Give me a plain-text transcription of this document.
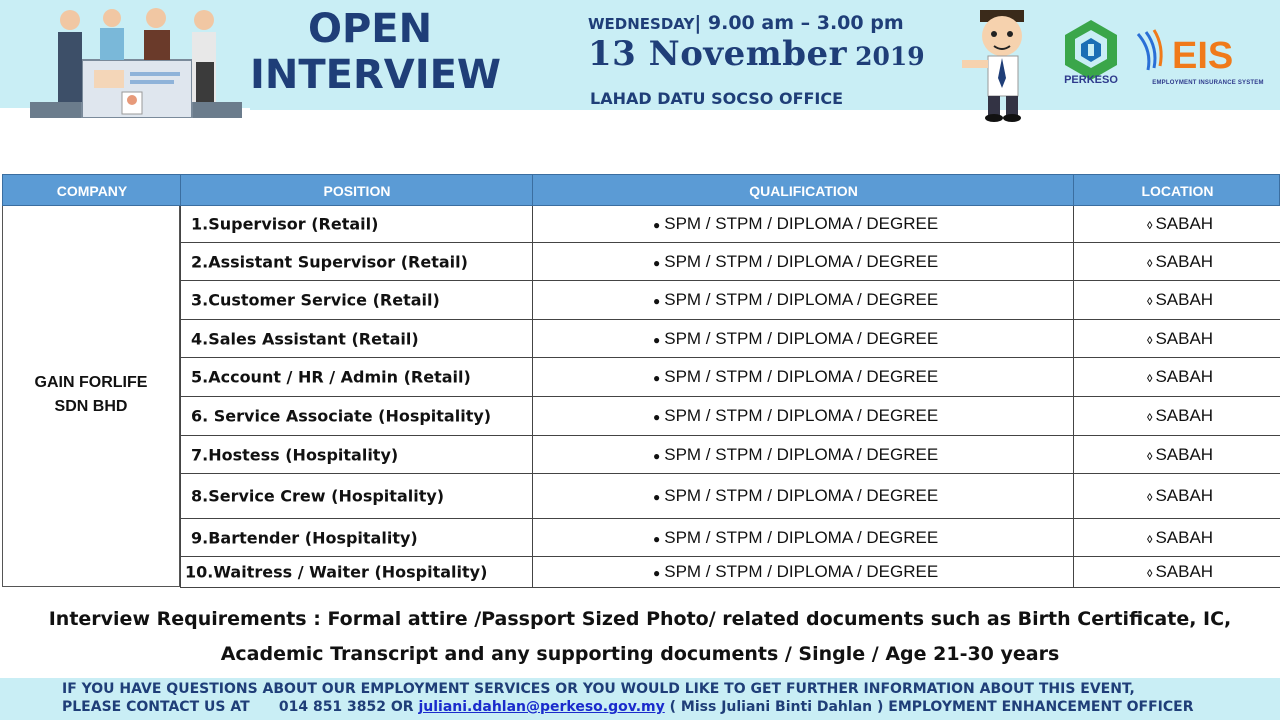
OPEN
INTERVIEW
WEDNESDAY| 9.00 am – 3.00 pm
13 November 2019
LAHAD DATU SOCSO OFFICE
PERKESO
EIS
EMPLOYMENT INSURANCE SYSTEM
COMPANY	POSITION	QUALIFICATION	LOCATION
GAIN FORLIFE
SDN BHD
1.Supervisor (Retail)	● SPM / STPM / DIPLOMA / DEGREE	◊ SABAH
2.Assistant Supervisor (Retail)	● SPM / STPM / DIPLOMA / DEGREE	◊ SABAH
3.Customer Service (Retail)	● SPM / STPM / DIPLOMA / DEGREE	◊ SABAH
4.Sales Assistant (Retail)	● SPM / STPM / DIPLOMA / DEGREE	◊ SABAH
5.Account / HR / Admin (Retail)	● SPM / STPM / DIPLOMA / DEGREE	◊ SABAH
6. Service Associate (Hospitality)	● SPM / STPM / DIPLOMA / DEGREE	◊ SABAH
7.Hostess (Hospitality)	● SPM / STPM / DIPLOMA / DEGREE	◊ SABAH
8.Service Crew (Hospitality)	● SPM / STPM / DIPLOMA / DEGREE	◊ SABAH
9.Bartender (Hospitality)	● SPM / STPM / DIPLOMA / DEGREE	◊ SABAH
10.Waitress / Waiter (Hospitality)	● SPM / STPM / DIPLOMA / DEGREE	◊ SABAH
Interview Requirements : Formal attire /Passport Sized Photo/ related documents such as Birth Certificate, IC,
Academic Transcript and any supporting documents / Single / Age 21-30 years
IF YOU HAVE QUESTIONS ABOUT OUR EMPLOYMENT SERVICES OR YOU WOULD LIKE TO GET FURTHER INFORMATION ABOUT THIS EVENT,
PLEASE CONTACT US AT      014 851 3852 OR juliani.dahlan@perkeso.gov.my ( Miss Juliani Binti Dahlan ) EMPLOYMENT ENHANCEMENT OFFICER
